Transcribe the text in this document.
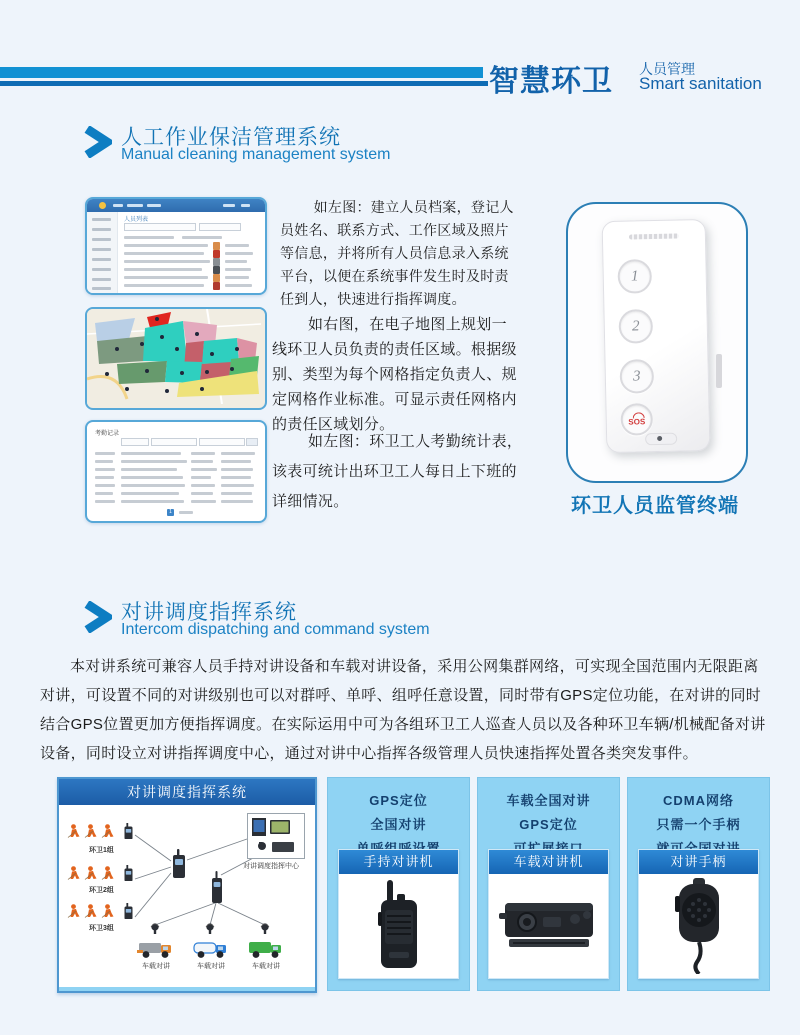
智慧环卫 人员管理
Smart sanitation
人工作业保洁管理系统
Manual cleaning management system
人员列表
如左图：建立人员档案，登记人员姓名、联系方式、工作区域及照片等信息，并将所有人员信息录入系统平台，以便在系统事件发生时及时责任到人，快速进行指挥调度。
如右图，在电子地图上规划一线环卫人员负责的责任区域。根据级别、类型为每个网格指定负责人、规定网格作业标准。可显示责任网格内的责任区域划分。
考勤记录
1
如左图：环卫工人考勤统计表，该表可统计出环卫工人每日上下班的详细情况。
1
2
3
SOS
环卫人员监管终端
对讲调度指挥系统
Intercom dispatching and command system
本对讲系统可兼容人员手持对讲设备和车载对讲设备，采用公网集群网络，可实现全国范围内无限距离对讲，可设置不同的对讲级别也可以对群呼、单呼、组呼任意设置，同时带有GPS定位功能，在对讲的同时结合GPS位置更加方便指挥调度。在实际运用中可为各组环卫工人巡查人员以及各种环卫车辆/机械配备对讲设备，同时设立对讲指挥调度中心，通过对讲中心指挥各级管理人员快速指挥处置各类突发事件。
对讲调度指挥系统
环卫1组
环卫2组
环卫3组
对讲调度指挥中心
车载对讲	车载对讲	车载对讲
GPS定位
全国对讲
手持对讲机
车载全国对讲
GPS定位
车载对讲机
CDMA网络
只需一个手柄
对讲手柄
